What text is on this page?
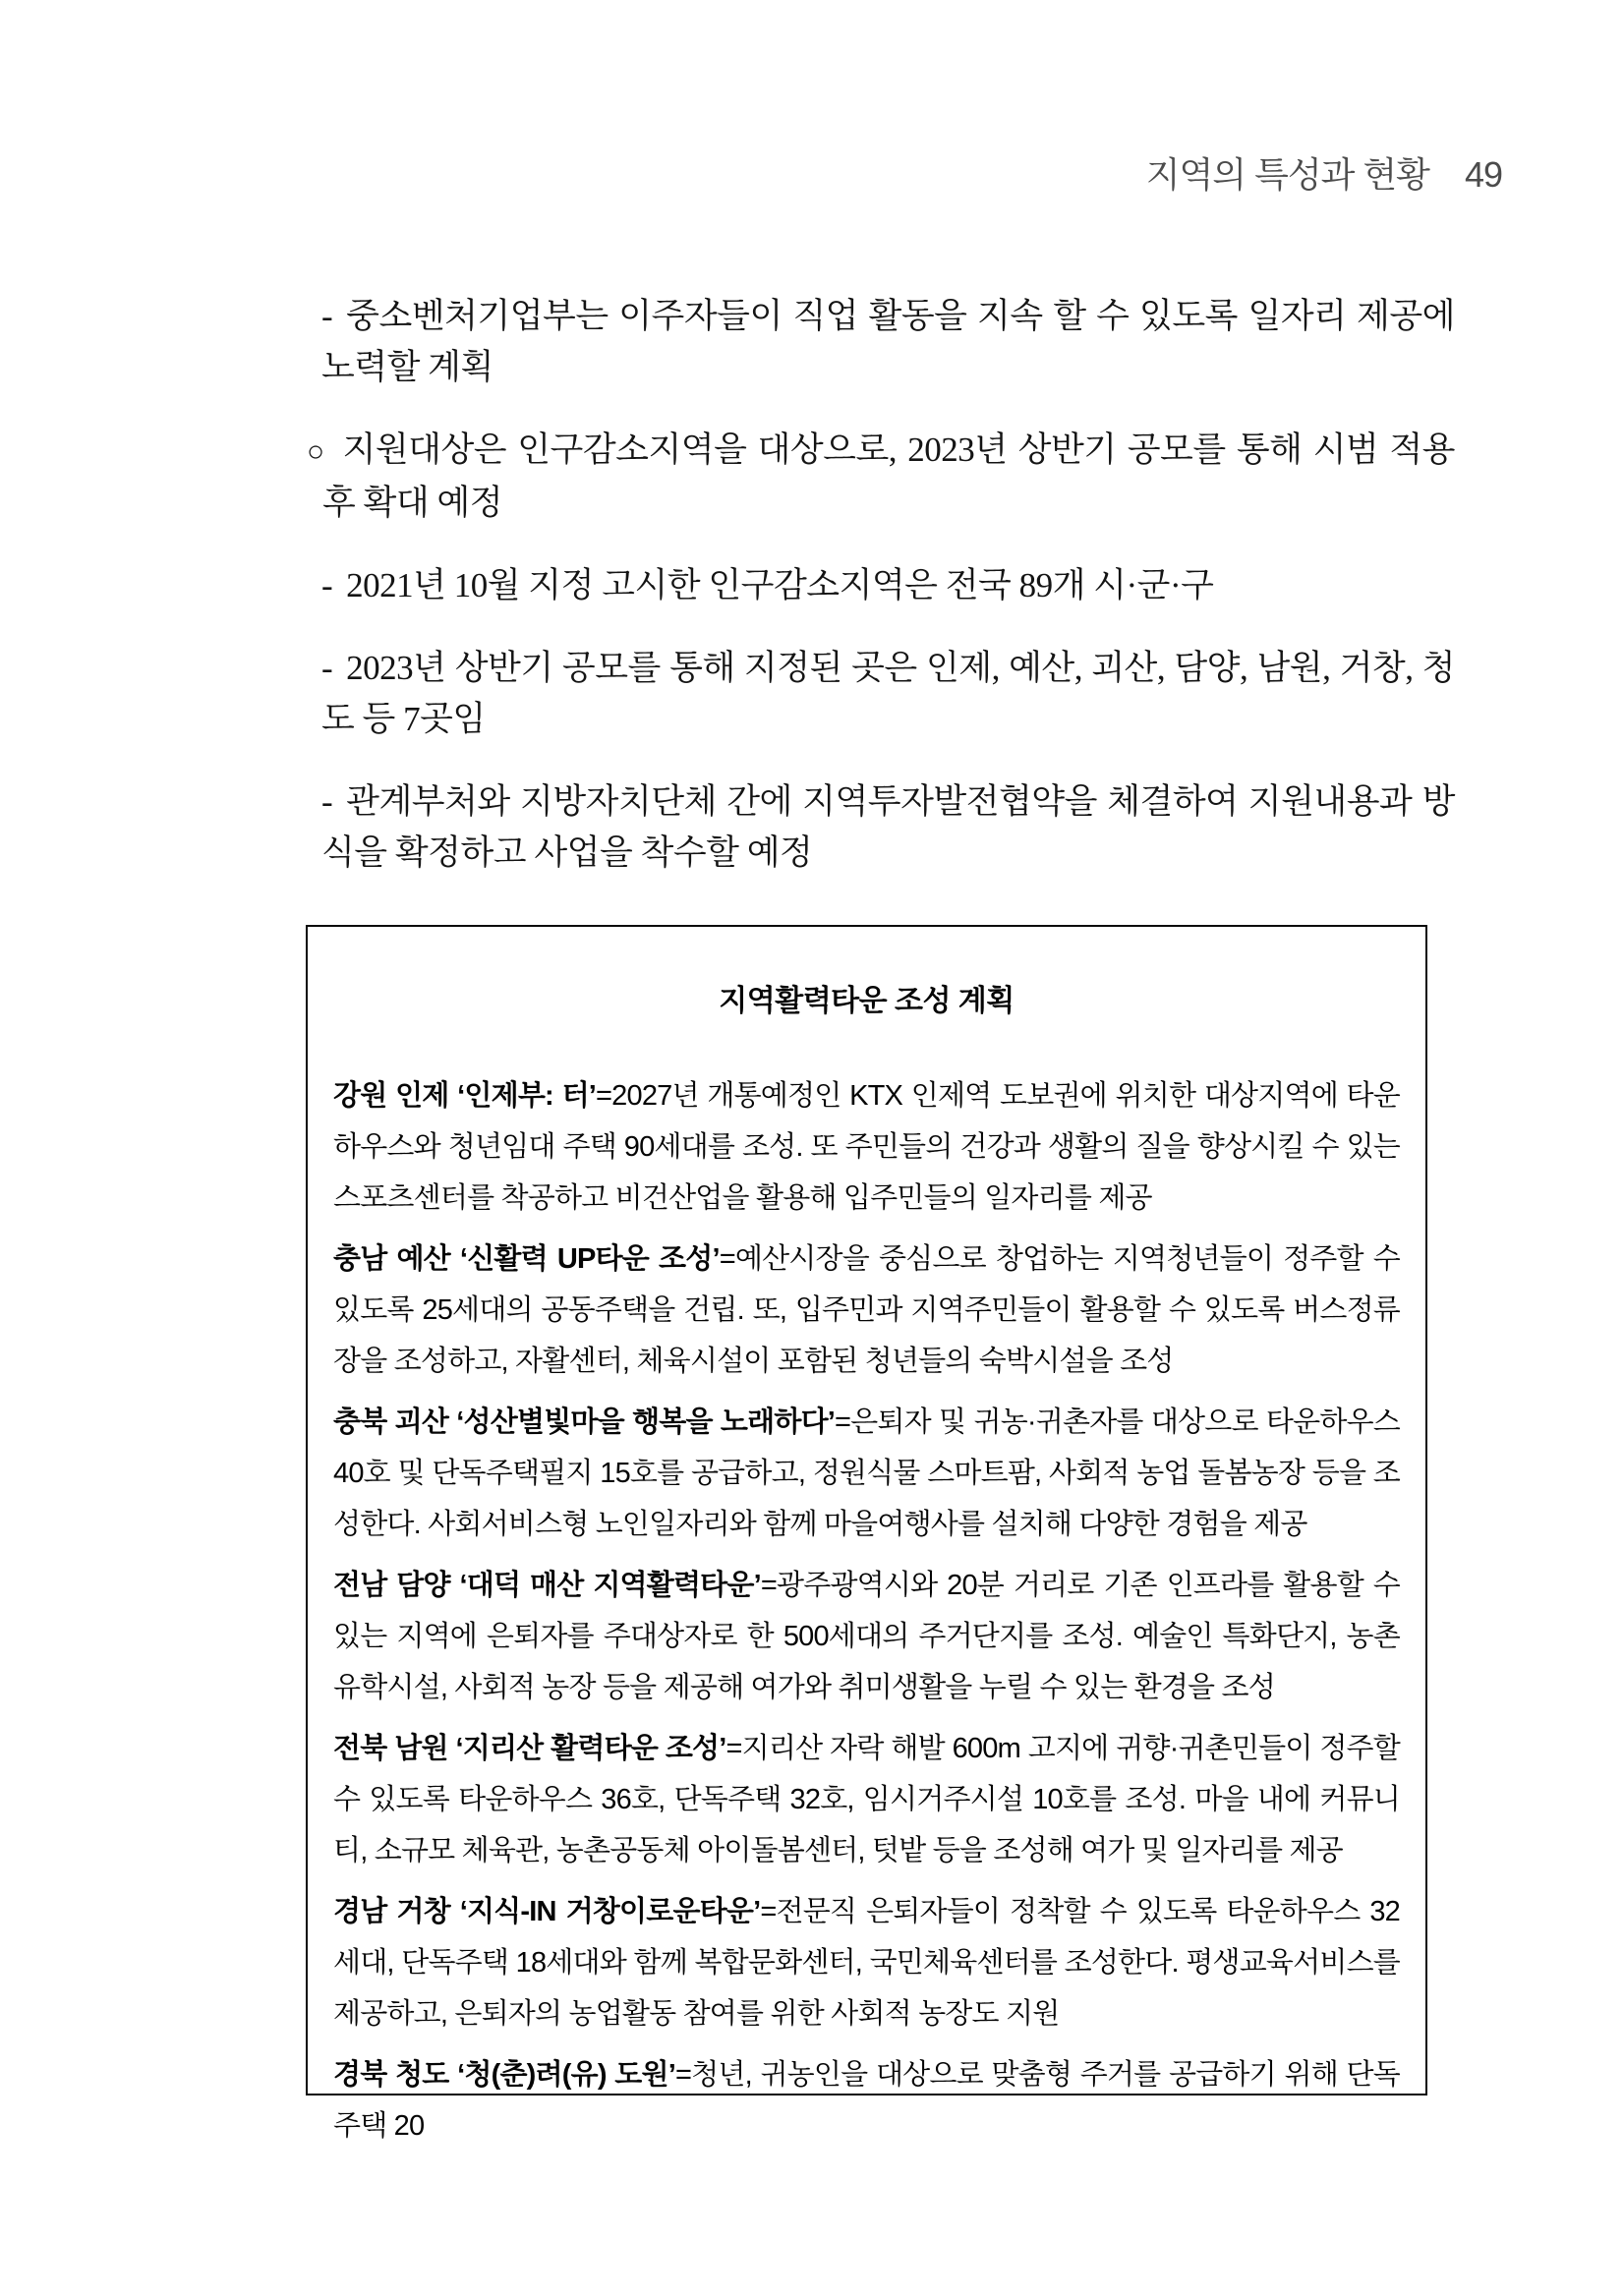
지역의 특성과 현황 49
- 중소벤처기업부는 이주자들이 직업 활동을 지속 할 수 있도록 일자리 제공에 노력할 계획
○ 지원대상은 인구감소지역을 대상으로, 2023년 상반기 공모를 통해 시범 적용 후 확대 예정
- 2021년 10월 지정 고시한 인구감소지역은 전국 89개 시·군·구
- 2023년 상반기 공모를 통해 지정된 곳은 인제, 예산, 괴산, 담양, 남원, 거창, 청도 등 7곳임
- 관계부처와 지방자치단체 간에 지역투자발전협약을 체결하여 지원내용과 방식을 확정하고 사업을 착수할 예정
지역활력타운 조성 계획

강원 인제 ‘인제부: 터’=2027년 개통예정인 KTX 인제역 도보권에 위치한 대상지역에 타운하우스와 청년임대 주택 90세대를 조성. 또 주민들의 건강과 생활의 질을 향상시킬 수 있는 스포츠센터를 착공하고 비건산업을 활용해 입주민들의 일자리를 제공

충남 예산 ‘신활력 UP타운 조성’=예산시장을 중심으로 창업하는 지역청년들이 정주할 수 있도록 25세대의 공동주택을 건립. 또, 입주민과 지역주민들이 활용할 수 있도록 버스정류장을 조성하고, 자활센터, 체육시설이 포함된 청년들의 숙박시설을 조성

충북 괴산 ‘성산별빛마을 행복을 노래하다’=은퇴자 및 귀농·귀촌자를 대상으로 타운하우스 40호 및 단독주택필지 15호를 공급하고, 정원식물 스마트팜, 사회적 농업 돌봄농장 등을 조성한다. 사회서비스형 노인일자리와 함께 마을여행사를 설치해 다양한 경험을 제공

전남 담양 ‘대덕 매산 지역활력타운’=광주광역시와 20분 거리로 기존 인프라를 활용할 수 있는 지역에 은퇴자를 주대상자로 한 500세대의 주거단지를 조성. 예술인 특화단지, 농촌유학시설, 사회적 농장 등을 제공해 여가와 취미생활을 누릴 수 있는 환경을 조성

전북 남원 ‘지리산 활력타운 조성’=지리산 자락 해발 600m 고지에 귀향·귀촌민들이 정주할 수 있도록 타운하우스 36호, 단독주택 32호, 임시거주시설 10호를 조성. 마을 내에 커뮤니티, 소규모 체육관, 농촌공동체 아이돌봄센터, 텃밭 등을 조성해 여가 및 일자리를 제공

경남 거창 ‘지식-IN 거창이로운타운’=전문직 은퇴자들이 정착할 수 있도록 타운하우스 32세대, 단독주택 18세대와 함께 복합문화센터, 국민체육센터를 조성한다. 평생교육서비스를 제공하고, 은퇴자의 농업활동 참여를 위한 사회적 농장도 지원

경북 청도 ‘청(춘)려(유) 도원’=청년, 귀농인을 대상으로 맞춤형 주거를 공급하기 위해 단독주택 20
